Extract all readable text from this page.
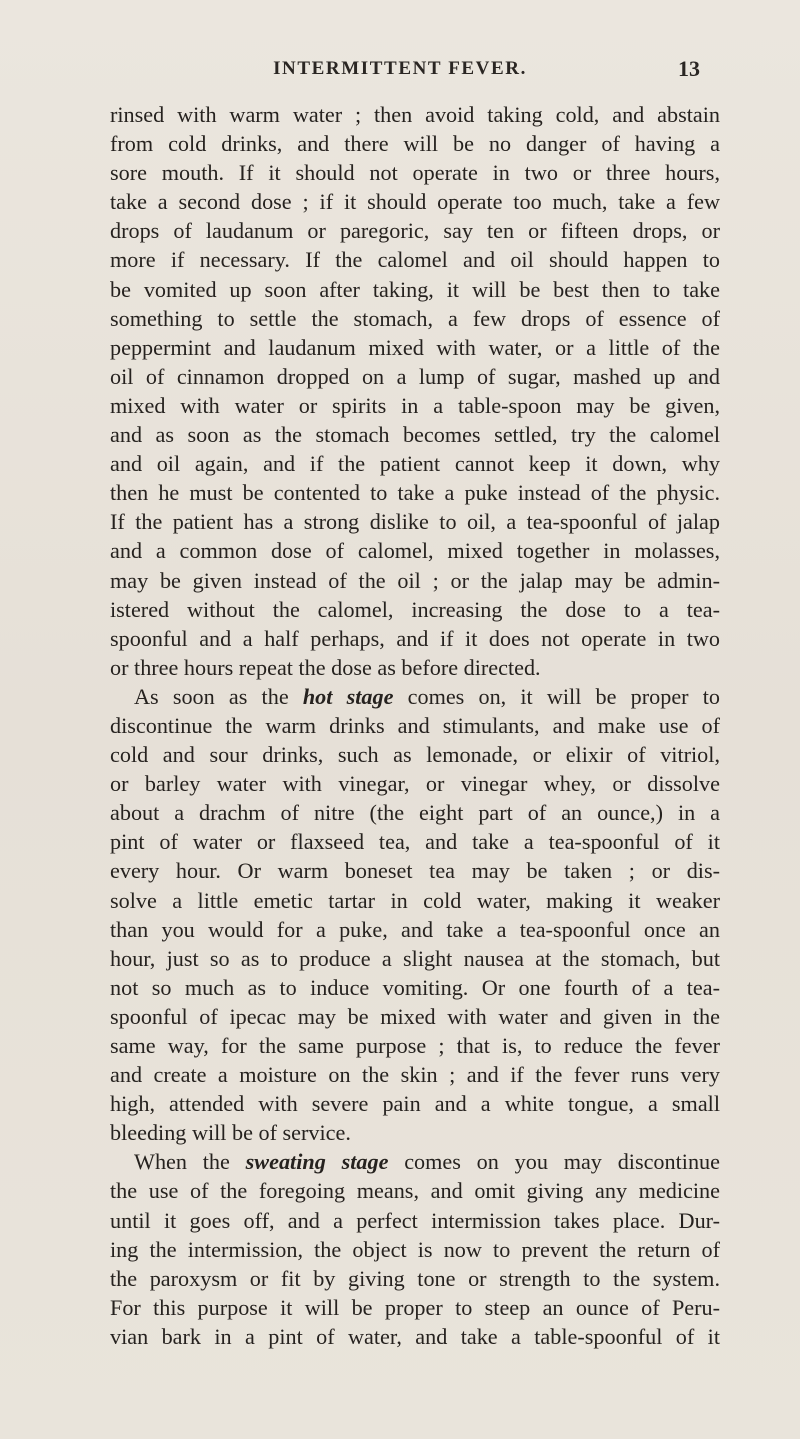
INTERMITTENT FEVER.	13
rinsed with warm water ; then avoid taking cold, and abstain
from cold drinks, and there will be no danger of having a
sore mouth. If it should not operate in two or three hours,
take a second dose ; if it should operate too much, take a few
drops of laudanum or paregoric, say ten or fifteen drops, or
more if necessary. If the calomel and oil should happen to
be vomited up soon after taking, it will be best then to take
something to settle the stomach, a few drops of essence of
peppermint and laudanum mixed with water, or a little of the
oil of cinnamon dropped on a lump of sugar, mashed up and
mixed with water or spirits in a table-spoon may be given,
and as soon as the stomach becomes settled, try the calomel
and oil again, and if the patient cannot keep it down, why
then he must be contented to take a puke instead of the physic.
If the patient has a strong dislike to oil, a tea-spoonful of jalap
and a common dose of calomel, mixed together in molasses,
may be given instead of the oil ; or the jalap may be admin-
istered without the calomel, increasing the dose to a tea-
spoonful and a half perhaps, and if it does not operate in two
or three hours repeat the dose as before directed.
As soon as the hot stage comes on, it will be proper to
discontinue the warm drinks and stimulants, and make use of
cold and sour drinks, such as lemonade, or elixir of vitriol,
or barley water with vinegar, or vinegar whey, or dissolve
about a drachm of nitre (the eight part of an ounce,) in a
pint of water or flaxseed tea, and take a tea-spoonful of it
every hour. Or warm boneset tea may be taken ; or dis-
solve a little emetic tartar in cold water, making it weaker
than you would for a puke, and take a tea-spoonful once an
hour, just so as to produce a slight nausea at the stomach, but
not so much as to induce vomiting. Or one fourth of a tea-
spoonful of ipecac may be mixed with water and given in the
same way, for the same purpose ; that is, to reduce the fever
and create a moisture on the skin ; and if the fever runs very
high, attended with severe pain and a white tongue, a small
bleeding will be of service.
When the sweating stage comes on you may discontinue
the use of the foregoing means, and omit giving any medicine
until it goes off, and a perfect intermission takes place. Dur-
ing the intermission, the object is now to prevent the return of
the paroxysm or fit by giving tone or strength to the system.
For this purpose it will be proper to steep an ounce of Peru-
vian bark in a pint of water, and take a table-spoonful of it
